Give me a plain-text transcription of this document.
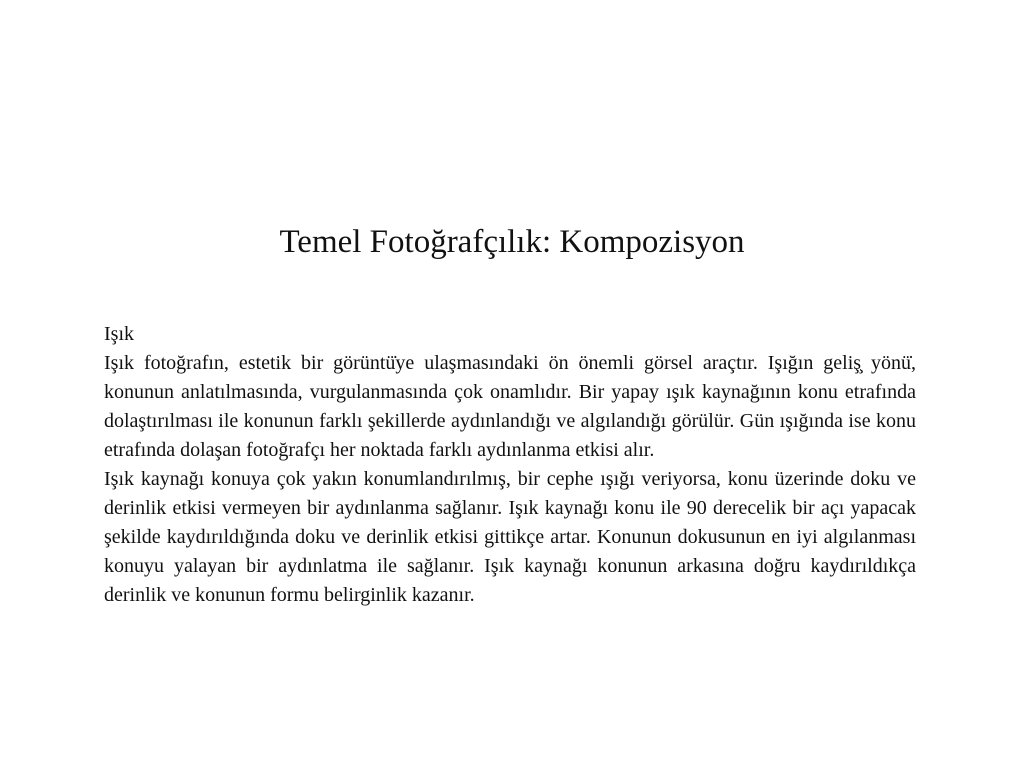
Temel Fotoğrafçılık: Kompozisyon

Işık

Işık fotoğrafın, estetik bir görüntü̇ye ulaşmasındaki ön önemli görsel araçtır. Işığın geliş̧ yönü̇, konunun anlatılmasında, vurgulanmasında çok onamlıdır. Bir yapay ışık kaynağının konu etrafında dolaştırılması ile konunun farklı şekillerde aydınlandığı ve algılandığı görülür. Gün ışığında ise konu etrafında dolaşan fotoğrafçı her noktada farklı aydınlanma etkisi alır.

Işık kaynağı konuya çok yakın konumlandırılmış, bir cephe ışığı veriyorsa, konu üzerinde doku ve derinlik etkisi vermeyen bir aydınlanma sağlanır. Işık kaynağı konu ile 90 derecelik bir açı yapacak şekilde kaydırıldığında doku ve derinlik etkisi gittikçe artar. Konunun dokusunun en iyi algılanması konuyu yalayan bir aydınlatma ile sağlanır. Işık kaynağı konunun arkasına doğru kaydırıldıkça derinlik ve konunun formu belirginlik kazanır.
